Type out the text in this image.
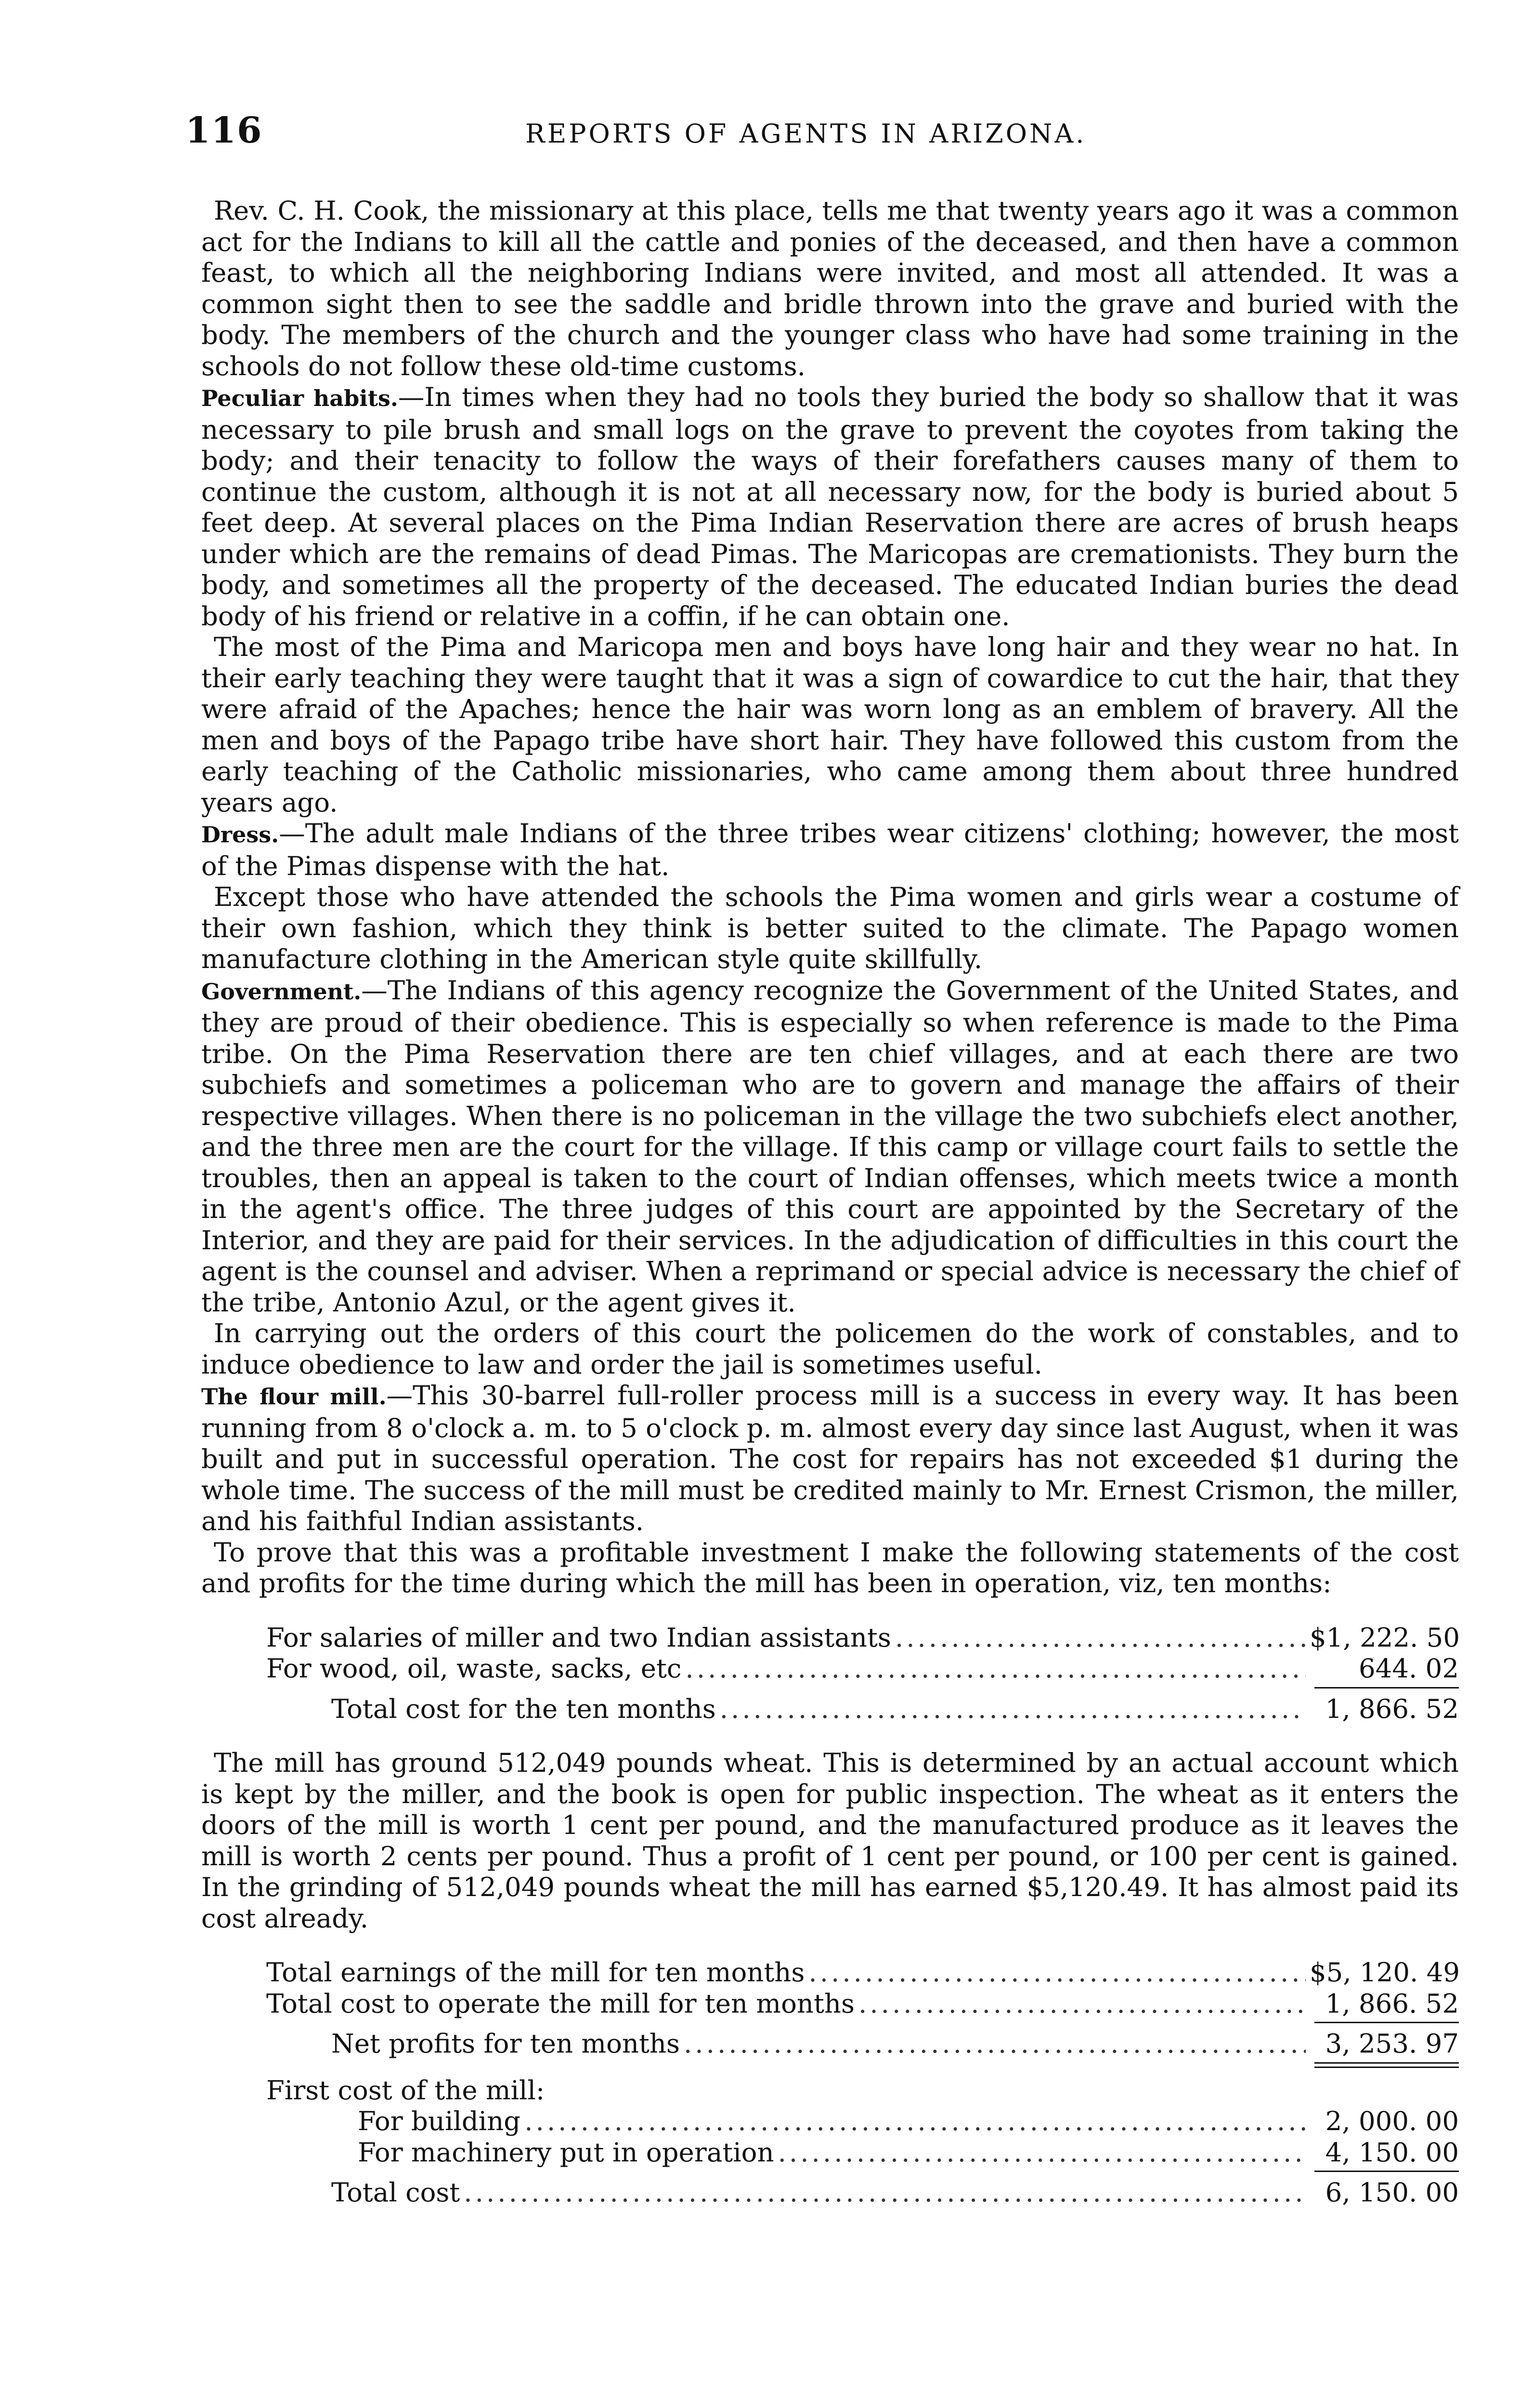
116	REPORTS OF AGENTS IN ARIZONA.

Rev. C. H. Cook, the missionary at this place, tells me that twenty years ago it was a common act for the Indians to kill all the cattle and ponies of the deceased, and then have a common feast, to which all the neighboring Indians were invited, and most all attended. It was a common sight then to see the saddle and bridle thrown into the grave and buried with the body. The members of the church and the younger class who have had some training in the schools do not follow these old-time customs.

Peculiar habits.—In times when they had no tools they buried the body so shallow that it was necessary to pile brush and small logs on the grave to prevent the coyotes from taking the body; and their tenacity to follow the ways of their forefathers causes many of them to continue the custom, although it is not at all necessary now, for the body is buried about 5 feet deep. At several places on the Pima Indian Reservation there are acres of brush heaps under which are the remains of dead Pimas. The Maricopas are cremationists. They burn the body, and sometimes all the property of the deceased. The educated Indian buries the dead body of his friend or relative in a coffin, if he can obtain one.

The most of the Pima and Maricopa men and boys have long hair and they wear no hat. In their early teaching they were taught that it was a sign of cowardice to cut the hair, that they were afraid of the Apaches; hence the hair was worn long as an emblem of bravery. All the men and boys of the Papago tribe have short hair. They have followed this custom from the early teaching of the Catholic missionaries, who came among them about three hundred years ago.

Dress.—The adult male Indians of the three tribes wear citizens' clothing; however, the most of the Pimas dispense with the hat.

Except those who have attended the schools the Pima women and girls wear a costume of their own fashion, which they think is better suited to the climate. The Papago women manufacture clothing in the American style quite skillfully.

Government.—The Indians of this agency recognize the Government of the United States, and they are proud of their obedience. This is especially so when reference is made to the Pima tribe. On the Pima Reservation there are ten chief villages, and at each there are two subchiefs and sometimes a policeman who are to govern and manage the affairs of their respective villages. When there is no policeman in the village the two subchiefs elect another, and the three men are the court for the village. If this camp or village court fails to settle the troubles, then an appeal is taken to the court of Indian offenses, which meets twice a month in the agent's office. The three judges of this court are appointed by the Secretary of the Interior, and they are paid for their services. In the adjudication of difficulties in this court the agent is the counsel and adviser. When a reprimand or special advice is necessary the chief of the tribe, Antonio Azul, or the agent gives it.

In carrying out the orders of this court the policemen do the work of constables, and to induce obedience to law and order the jail is sometimes useful.

The flour mill.—This 30-barrel full-roller process mill is a success in every way. It has been running from 8 o'clock a. m. to 5 o'clock p. m. almost every day since last August, when it was built and put in successful operation. The cost for repairs has not exceeded $1 during the whole time. The success of the mill must be credited mainly to Mr. Ernest Crismon, the miller, and his faithful Indian assistants.

To prove that this was a profitable investment I make the following statements of the cost and profits for the time during which the mill has been in operation, viz, ten months:

For salaries of miller and two Indian assistants .....	$1, 222. 50
For wood, oil, waste, sacks, etc .....	644. 02
Total cost for the ten months .....	1, 866. 52

The mill has ground 512,049 pounds wheat. This is determined by an actual account which is kept by the miller, and the book is open for public inspection. The wheat as it enters the doors of the mill is worth 1 cent per pound, and the manufactured produce as it leaves the mill is worth 2 cents per pound. Thus a profit of 1 cent per pound, or 100 per cent is gained. In the grinding of 512,049 pounds wheat the mill has earned $5,120.49. It has almost paid its cost already.

Total earnings of the mill for ten months .....	$5, 120. 49
Total cost to operate the mill for ten months .....	1, 866. 52
Net profits for ten months .....	3, 253. 97
First cost of the mill:
For building .....	2, 000. 00
For machinery put in operation .....	4, 150. 00
Total cost .....	6, 150. 00
